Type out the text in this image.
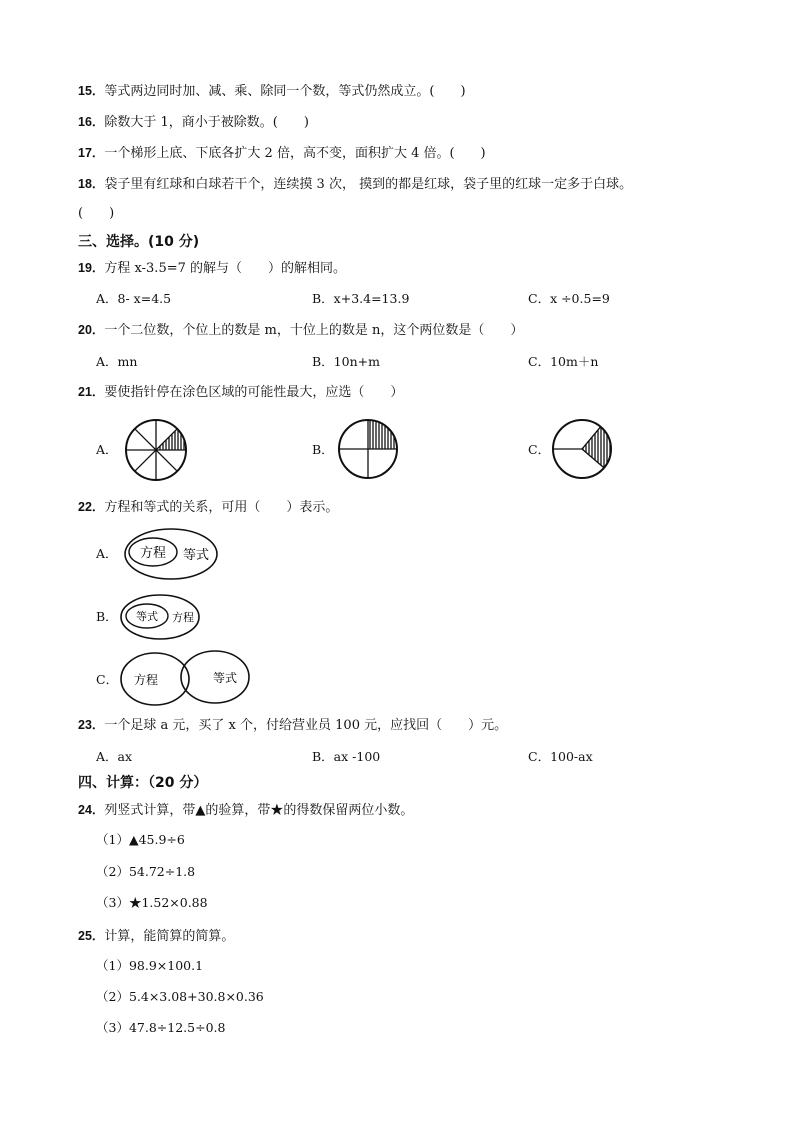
15．等式两边同时加、减、乘、除同一个数，等式仍然成立。(　　)
16．除数大于 1，商小于被除数。(　　)
17．一个梯形上底、下底各扩大 2 倍，高不变，面积扩大 4 倍。(　　)
18．袋子里有红球和白球若干个，连续摸 3 次， 摸到的都是红球，袋子里的红球一定多于白球。
(　　)
三、选择。(10 分)
19．方程 x-3.5=7 的解与（　　）的解相同。
A．8- x=4.5	B．x+3.4=13.9	C．x ÷0.5=9
20．一个二位数，个位上的数是 m，十位上的数是 n，这个两位数是（　　）
A．mn	B．10n+m	C．10m＋n
21．要使指针停在涂色区域的可能性最大，应选（　　）
A．	B．	C．
22．方程和等式的关系，可用（　　）表示。
A．
B．
C．
方程 等式
等式 方程
方程	等式
23．一个足球 a 元，买了 x 个，付给营业员 100 元，应找回（　　）元。
A．ax	B．ax -100	C．100-ax
四、计算：（20 分）
24．列竖式计算，带▲的验算，带★的得数保留两位小数。
（1）▲45.9÷6
（2）54.72÷1.8
（3）★1.52×0.88
25．计算，能简算的简算。
（1）98.9×100.1
（2）5.4×3.08+30.8×0.36
（3）47.8÷12.5÷0.8
